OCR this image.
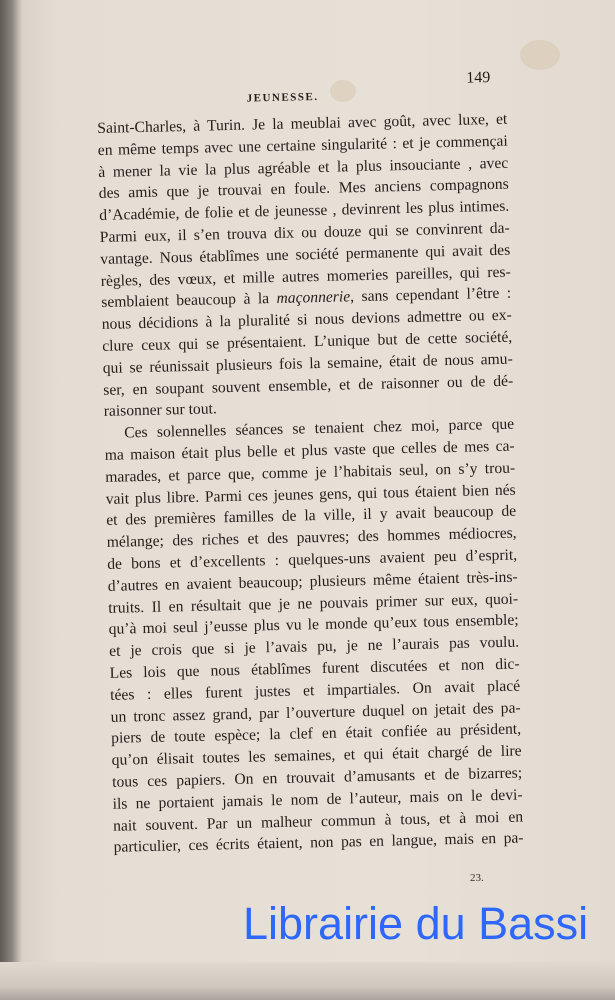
JEUNESSE.
149
Saint-Charles, à Turin. Je la meublai avec goût, avec luxe, et
en même temps avec une certaine singularité : et je commençai
à mener la vie la plus agréable et la plus insouciante , avec
des amis que je trouvai en foule. Mes anciens compagnons
d’Académie, de folie et de jeunesse , devinrent les plus intimes.
Parmi eux, il s’en trouva dix ou douze qui se convinrent da-
vantage. Nous établîmes une société permanente qui avait des
règles, des vœux, et mille autres momeries pareilles, qui res-
semblaient beaucoup à la maçonnerie, sans cependant l’être :
nous décidions à la pluralité si nous devions admettre ou ex-
clure ceux qui se présentaient. L’unique but de cette société,
qui se réunissait plusieurs fois la semaine, était de nous amu-
ser, en soupant souvent ensemble, et de raisonner ou de dé-
raisonner sur tout.
Ces solennelles séances se tenaient chez moi, parce que
ma maison était plus belle et plus vaste que celles de mes ca-
marades, et parce que, comme je l’habitais seul, on s’y trou-
vait plus libre. Parmi ces jeunes gens, qui tous étaient bien nés
et des premières familles de la ville, il y avait beaucoup de
mélange; des riches et des pauvres; des hommes médiocres,
de bons et d’excellents : quelques-uns avaient peu d’esprit,
d’autres en avaient beaucoup; plusieurs même étaient très-ins-
truits. Il en résultait que je ne pouvais primer sur eux, quoi-
qu’à moi seul j’eusse plus vu le monde qu’eux tous ensemble;
et je crois que si je l’avais pu, je ne l’aurais pas voulu.
Les lois que nous établîmes furent discutées et non dic-
tées : elles furent justes et impartiales. On avait placé
un tronc assez grand, par l’ouverture duquel on jetait des pa-
piers de toute espèce; la clef en était confiée au président,
qu’on élisait toutes les semaines, et qui était chargé de lire
tous ces papiers. On en trouvait d’amusants et de bizarres;
ils ne portaient jamais le nom de l’auteur, mais on le devi-
nait souvent. Par un malheur commun à tous, et à moi en
particulier, ces écrits étaient, non pas en langue, mais en pa-
23.
Librairie du Bassi
